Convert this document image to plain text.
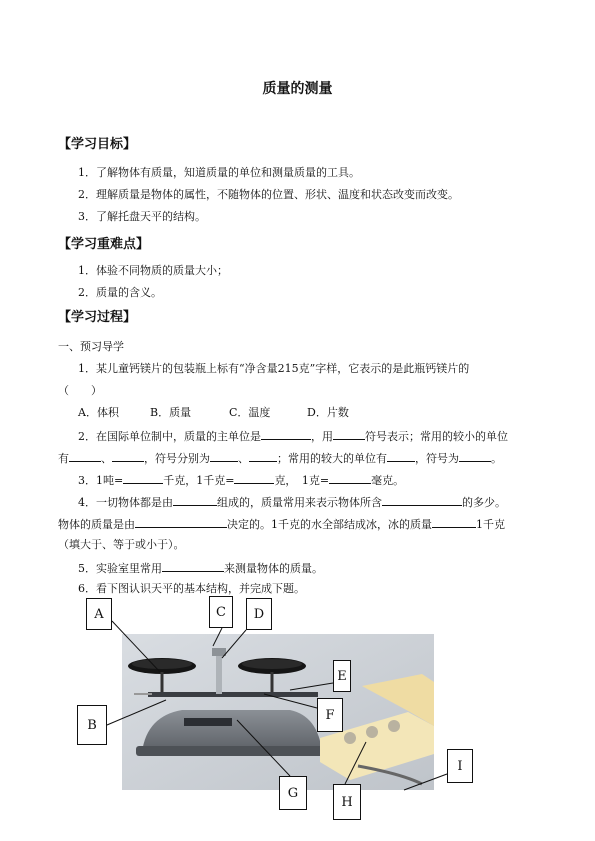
质量的测量
【学习目标】
1．了解物体有质量，知道质量的单位和测量质量的工具。
2．理解质量是物体的属性，不随物体的位置、形状、温度和状态改变而改变。
3．了解托盘天平的结构。
【学习重难点】
1．体验不同物质的质量大小；
2．质量的含义。
【学习过程】
一、预习导学
1．某儿童钙镁片的包装瓶上标有“净含量215克”字样，它表示的是此瓶钙镁片的
（　　）
A．体积	B．质量	C．温度	D．片数
2．在国际单位制中，质量的主单位是	，用	符号表示；常用的较小的单位
有	、	，符号分别为	、	；常用的较大的单位有	，符号为	。
3．1吨=	千克，1千克=	克，　1克=	毫克。
4．一切物体都是由	组成的，质量常用来表示物体所含	的多少。
物体的质量是由	决定的。1千克的水全部结成冰，冰的质量	1千克
（填大于、等于或小于）。
5．实验室里常用	来测量物体的质量。
6．看下图认识天平的基本结构，并完成下题。
A
B
C	D
E
F
G
H
I
